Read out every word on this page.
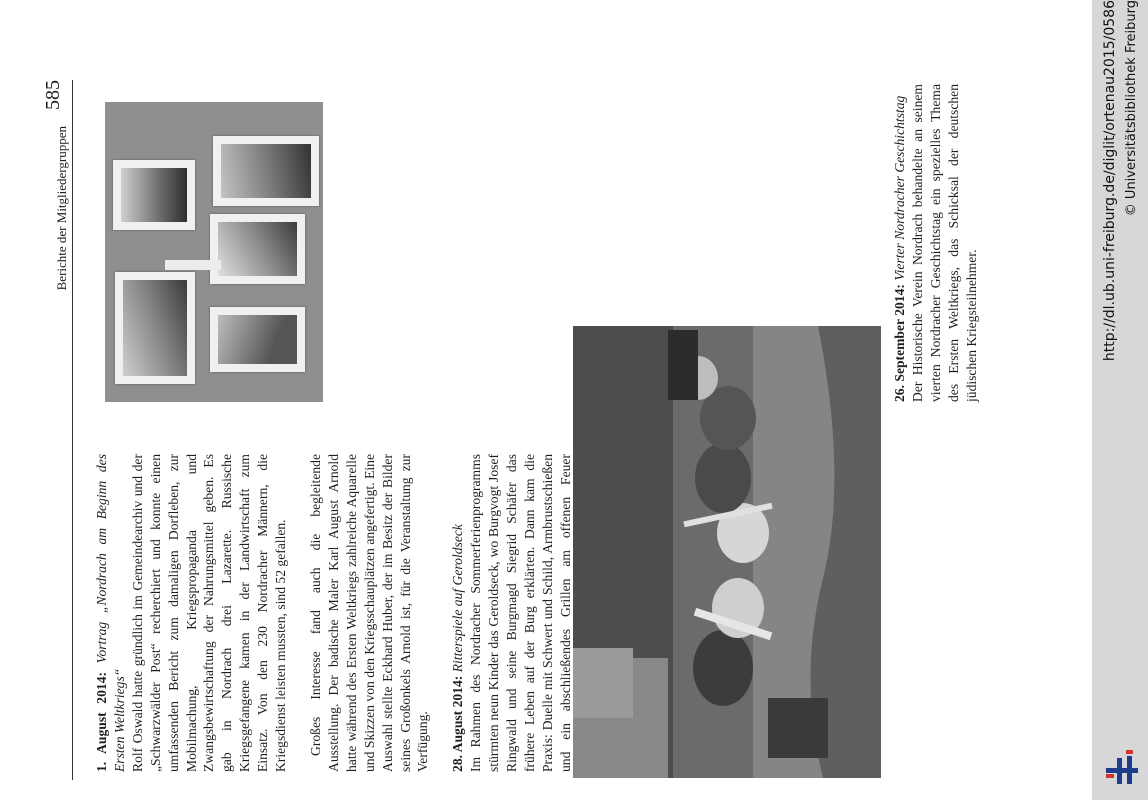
Berichte der Mitgliedergruppen
585

1. August 2014: Vortrag „Nordrach am Beginn des Ersten Weltkriegs“ Rolf Oswald hatte gründlich im Gemeindearchiv und der „Schwarzwälder Post“ recherchiert und konnte einen umfassenden Bericht zum damaligen Dorfleben, zur Mobilmachung, Kriegspropaganda und Zwangsbewirtschaftung der Nahrungsmittel geben. Es gab in Nordrach drei Lazarette. Russische Kriegsgefangene kamen in der Landwirtschaft zum Einsatz. Von den 230 Nordracher Männern, die Kriegsdienst leisten mussten, sind 52 gefallen. Großes Interesse fand auch die begleitende Ausstellung. Der badische Maler Karl August Arnold hatte während des Ersten Weltkriegs zahlreiche Aquarelle und Skizzen von den Kriegsschauplätzen angefertigt. Eine Auswahl stellte Eckhard Huber, der im Besitz der Bilder seines Großonkels Arnold ist, für die Veranstaltung zur Verfügung. 28. August 2014: Ritterspiele auf Geroldseck

Im Rahmen des Nordracher Sommerferienprogramms stürmten neun Kinder das Geroldseck, wo Burgvogt Josef Ringwald und seine Burgmagd Siegrid Schäfer das frühere Leben auf der Burg erklärten. Dann kam die Praxis: Duelle mit Schwert und Schild, Armbrustschießen und ein abschließendes Grillen am offenen Feuer

26. September 2014: Vierter Nordracher Geschichtstag Der Historische Verein Nordrach behandelte an seinem vierten Nordracher Geschichtstag ein spezielles Thema des Ersten Weltkriegs, das Schicksal der deutschen jüdischen Kriegsteilnehmer.	http://dl.ub.uni-freiburg.de/diglit/ortenau2015/0586 © Universitätsbibliothek Freiburg
